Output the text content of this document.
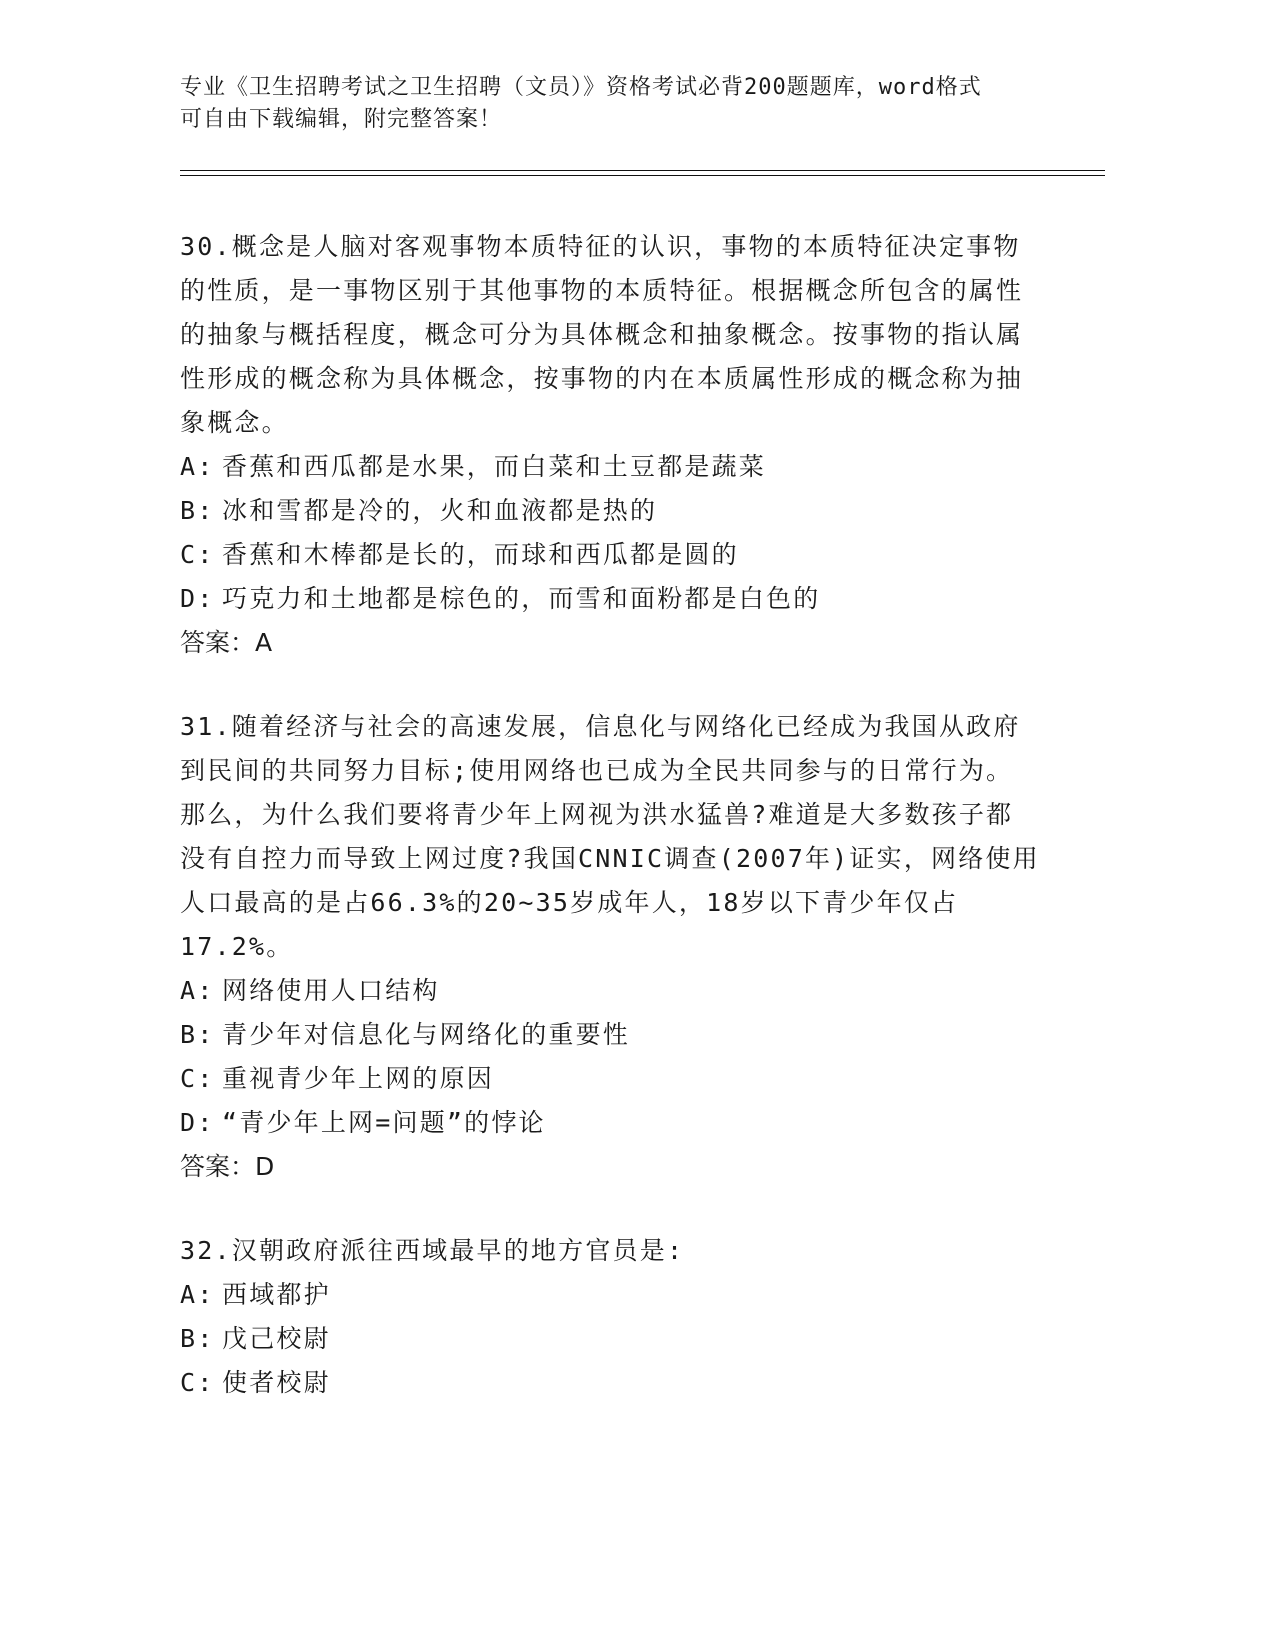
专业《卫生招聘考试之卫生招聘（文员）》资格考试必背200题题库，word格式
可自由下载编辑，附完整答案！

30.概念是人脑对客观事物本质特征的认识，事物的本质特征决定事物的性质，是一事物区别于其他事物的本质特征。根据概念所包含的属性的抽象与概括程度，概念可分为具体概念和抽象概念。按事物的指认属性形成的概念称为具体概念，按事物的内在本质属性形成的概念称为抽象概念。

A: 香蕉和西瓜都是水果，而白菜和土豆都是蔬菜

B: 冰和雪都是冷的，火和血液都是热的

C: 香蕉和木棒都是长的，而球和西瓜都是圆的

D: 巧克力和土地都是棕色的，而雪和面粉都是白色的

答案：A

31.随着经济与社会的高速发展，信息化与网络化已经成为我国从政府到民间的共同努力目标;使用网络也已成为全民共同参与的日常行为。那么，为什么我们要将青少年上网视为洪水猛兽?难道是大多数孩子都没有自控力而导致上网过度?我国CNNIC调查(2007年)证实，网络使用人口最高的是占66.3%的20~35岁成年人，18岁以下青少年仅占17.2%。

A: 网络使用人口结构

B: 青少年对信息化与网络化的重要性

C: 重视青少年上网的原因

D: “青少年上网=问题”的悖论

答案：D

32.汉朝政府派往西域最早的地方官员是:

A: 西域都护

B: 戊己校尉

C: 使者校尉
